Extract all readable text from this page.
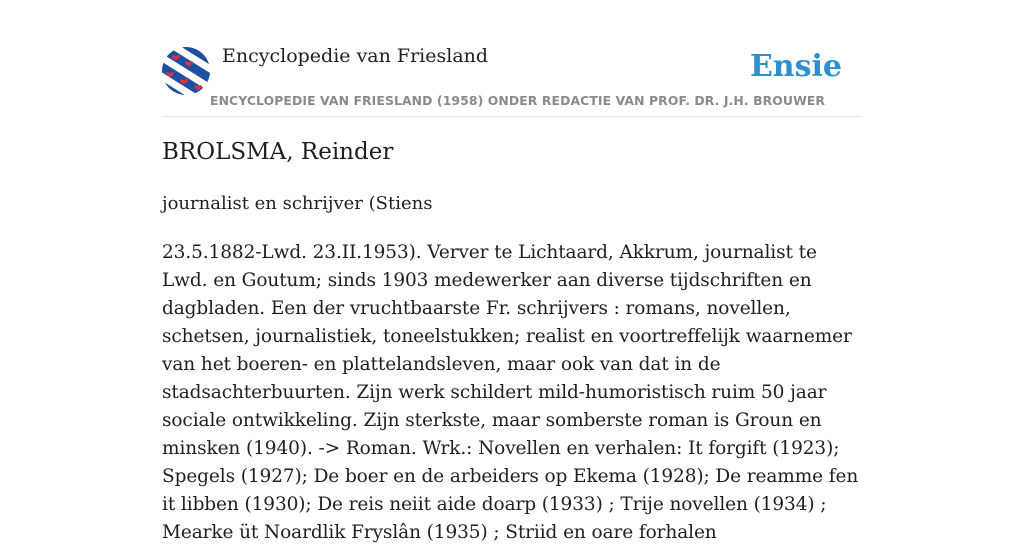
Encyclopedie van Friesland
ENCYCLOPEDIE VAN FRIESLAND (1958) ONDER REDACTIE VAN PROF. DR. J.H. BROUWER
Ensie
BROLSMA, Reinder
journalist en schrijver (Stiens

23.5.1882-Lwd. 23.II.1953). Verver te Lichtaard, Akkrum, journalist te Lwd. en Goutum; sinds 1903 medewerker aan diverse tijdschriften en dagbladen. Een der vruchtbaarste Fr. schrijvers : romans, novellen, schetsen, journalistiek, toneelstukken; realist en voortreffelijk waarnemer van het boeren- en plattelandsleven, maar ook van dat in de stadsachterbuurten. Zijn werk schildert mild-humoristisch ruim 50 jaar sociale ontwikkeling. Zijn sterkste, maar somberste roman is Groun en minsken (1940). -> Roman. Wrk.: Novellen en verhalen: It forgift (1923); Spegels (1927); De boer en de arbeiders op Ekema (1928); De reamme fen it libben (1930); De reis neiit aide doarp (1933) ; Trije novellen (1934) ; Mearke üt Noardlik Fryslân (1935) ; Striid en oare forhalen
